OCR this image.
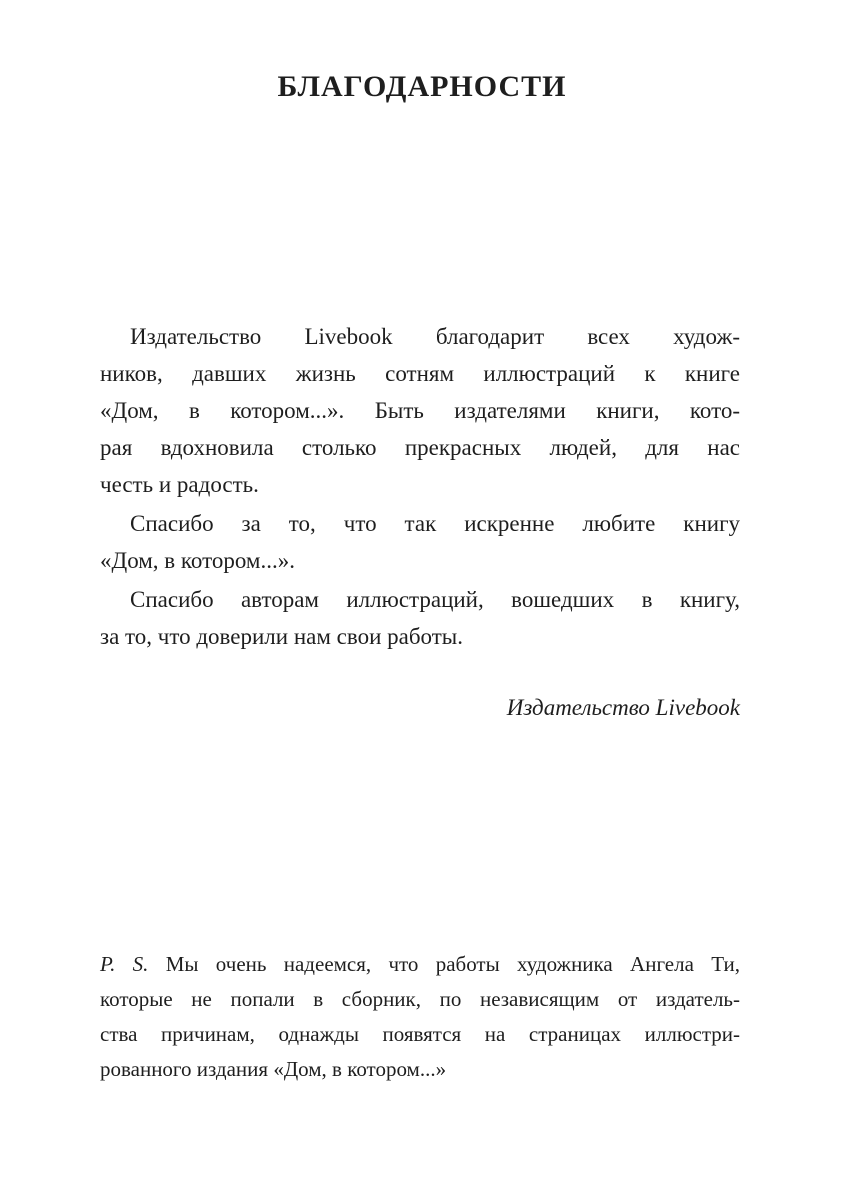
БЛАГОДАРНОСТИ
Издательство Livebook благодарит всех худож-
ников, давших жизнь сотням иллюстраций к книге
«Дом, в котором...». Быть издателями книги, кото-
рая вдохновила столько прекрасных людей, для нас
честь и радость.
Спасибо за то, что так искренне любите книгу
«Дом, в котором...».
Спасибо авторам иллюстраций, вошедших в книгу,
за то, что доверили нам свои работы.
Издательство Livebook
P. S. Мы очень надеемся, что работы художника Ангела Ти,
которые не попали в сборник, по независящим от издатель-
ства причинам, однажды появятся на страницах иллюстри-
рованного издания «Дом, в котором...»
